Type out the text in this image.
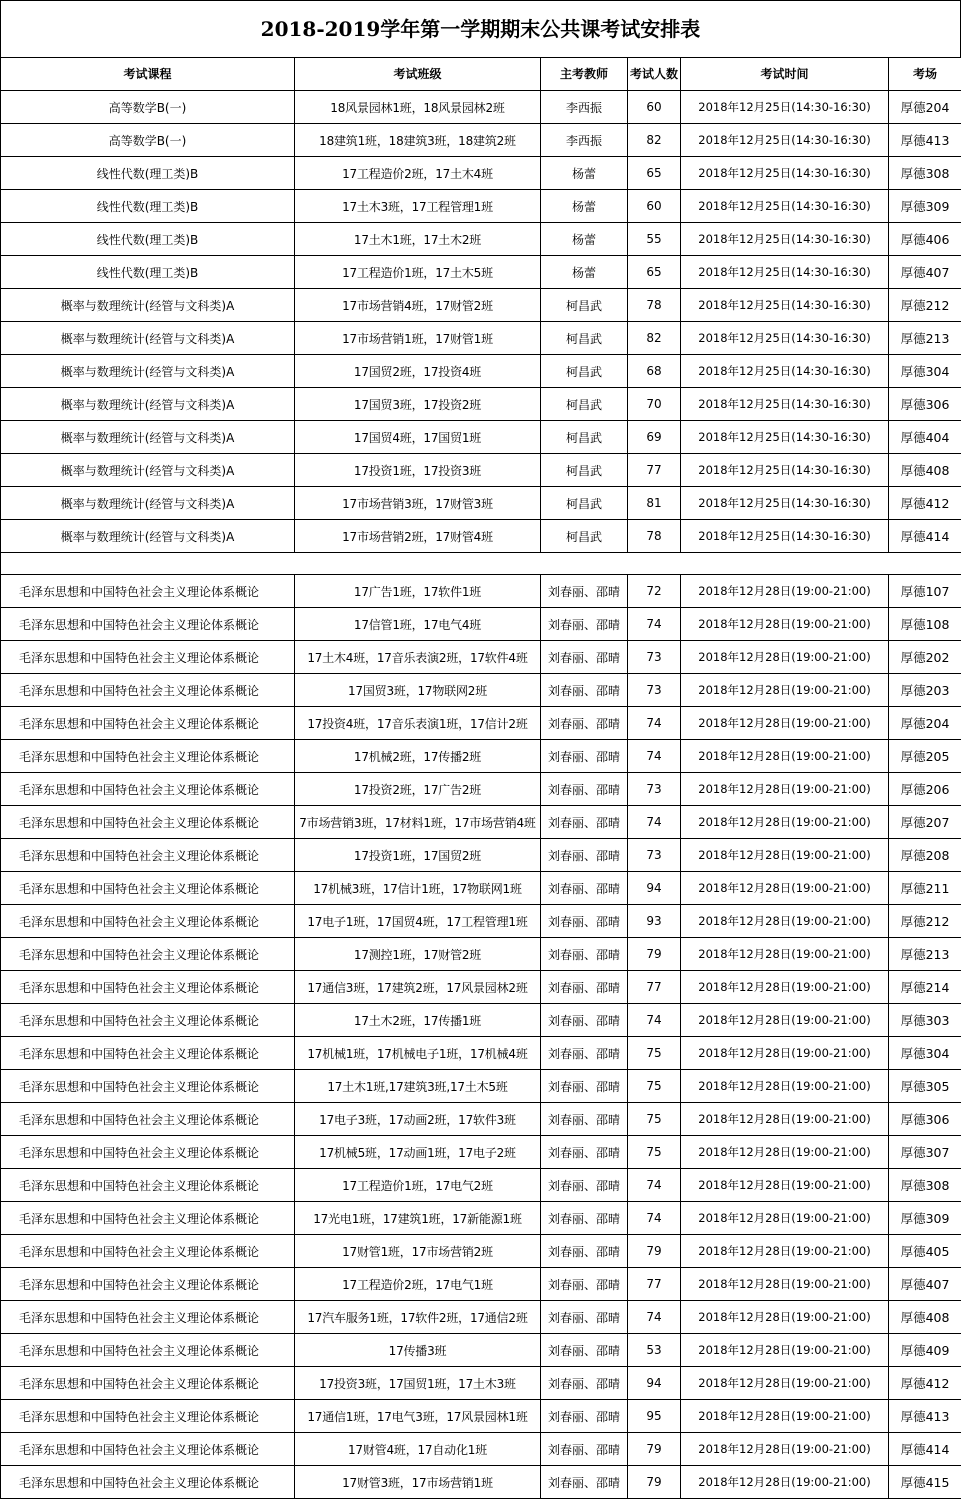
2018-2019学年第一学期期末公共课考试安排表
考试课程	考试班级	主考教师	考试人数	考试时间	考场
高等数学B(一)	18风景园林1班，18风景园林2班	李西振	60	2018年12月25日(14:30-16:30)	厚德204
高等数学B(一)	18建筑1班，18建筑3班，18建筑2班	李西振	82	2018年12月25日(14:30-16:30)	厚德413
线性代数(理工类)B	17工程造价2班，17土木4班	杨蕾	65	2018年12月25日(14:30-16:30)	厚德308
线性代数(理工类)B	17土木3班，17工程管理1班	杨蕾	60	2018年12月25日(14:30-16:30)	厚德309
线性代数(理工类)B	17土木1班，17土木2班	杨蕾	55	2018年12月25日(14:30-16:30)	厚德406
线性代数(理工类)B	17工程造价1班，17土木5班	杨蕾	65	2018年12月25日(14:30-16:30)	厚德407
概率与数理统计(经管与文科类)A	17市场营销4班，17财管2班	柯昌武	78	2018年12月25日(14:30-16:30)	厚德212
概率与数理统计(经管与文科类)A	17市场营销1班，17财管1班	柯昌武	82	2018年12月25日(14:30-16:30)	厚德213
概率与数理统计(经管与文科类)A	17国贸2班，17投资4班	柯昌武	68	2018年12月25日(14:30-16:30)	厚德304
概率与数理统计(经管与文科类)A	17国贸3班，17投资2班	柯昌武	70	2018年12月25日(14:30-16:30)	厚德306
概率与数理统计(经管与文科类)A	17国贸4班，17国贸1班	柯昌武	69	2018年12月25日(14:30-16:30)	厚德404
概率与数理统计(经管与文科类)A	17投资1班，17投资3班	柯昌武	77	2018年12月25日(14:30-16:30)	厚德408
概率与数理统计(经管与文科类)A	17市场营销3班，17财管3班	柯昌武	81	2018年12月25日(14:30-16:30)	厚德412
概率与数理统计(经管与文科类)A	17市场营销2班，17财管4班	柯昌武	78	2018年12月25日(14:30-16:30)	厚德414

毛泽东思想和中国特色社会主义理论体系概论	17广告1班，17软件1班	刘春丽、邵晴	72	2018年12月28日(19:00-21:00)	厚德107
毛泽东思想和中国特色社会主义理论体系概论	17信管1班，17电气4班	刘春丽、邵晴	74	2018年12月28日(19:00-21:00)	厚德108
毛泽东思想和中国特色社会主义理论体系概论	17土木4班，17音乐表演2班，17软件4班	刘春丽、邵晴	73	2018年12月28日(19:00-21:00)	厚德202
毛泽东思想和中国特色社会主义理论体系概论	17国贸3班，17物联网2班	刘春丽、邵晴	73	2018年12月28日(19:00-21:00)	厚德203
毛泽东思想和中国特色社会主义理论体系概论	17投资4班，17音乐表演1班，17信计2班	刘春丽、邵晴	74	2018年12月28日(19:00-21:00)	厚德204
毛泽东思想和中国特色社会主义理论体系概论	17机械2班，17传播2班	刘春丽、邵晴	74	2018年12月28日(19:00-21:00)	厚德205
毛泽东思想和中国特色社会主义理论体系概论	17投资2班，17广告2班	刘春丽、邵晴	73	2018年12月28日(19:00-21:00)	厚德206
毛泽东思想和中国特色社会主义理论体系概论	7市场营销3班，17材料1班，17市场营销4班	刘春丽、邵晴	74	2018年12月28日(19:00-21:00)	厚德207
毛泽东思想和中国特色社会主义理论体系概论	17投资1班，17国贸2班	刘春丽、邵晴	73	2018年12月28日(19:00-21:00)	厚德208
毛泽东思想和中国特色社会主义理论体系概论	17机械3班，17信计1班，17物联网1班	刘春丽、邵晴	94	2018年12月28日(19:00-21:00)	厚德211
毛泽东思想和中国特色社会主义理论体系概论	17电子1班，17国贸4班，17工程管理1班	刘春丽、邵晴	93	2018年12月28日(19:00-21:00)	厚德212
毛泽东思想和中国特色社会主义理论体系概论	17测控1班，17财管2班	刘春丽、邵晴	79	2018年12月28日(19:00-21:00)	厚德213
毛泽东思想和中国特色社会主义理论体系概论	17通信3班，17建筑2班，17风景园林2班	刘春丽、邵晴	77	2018年12月28日(19:00-21:00)	厚德214
毛泽东思想和中国特色社会主义理论体系概论	17土木2班，17传播1班	刘春丽、邵晴	74	2018年12月28日(19:00-21:00)	厚德303
毛泽东思想和中国特色社会主义理论体系概论	17机械1班，17机械电子1班，17机械4班	刘春丽、邵晴	75	2018年12月28日(19:00-21:00)	厚德304
毛泽东思想和中国特色社会主义理论体系概论	17土木1班,17建筑3班,17土木5班	刘春丽、邵晴	75	2018年12月28日(19:00-21:00)	厚德305
毛泽东思想和中国特色社会主义理论体系概论	17电子3班，17动画2班，17软件3班	刘春丽、邵晴	75	2018年12月28日(19:00-21:00)	厚德306
毛泽东思想和中国特色社会主义理论体系概论	17机械5班，17动画1班，17电子2班	刘春丽、邵晴	75	2018年12月28日(19:00-21:00)	厚德307
毛泽东思想和中国特色社会主义理论体系概论	17工程造价1班，17电气2班	刘春丽、邵晴	74	2018年12月28日(19:00-21:00)	厚德308
毛泽东思想和中国特色社会主义理论体系概论	17光电1班，17建筑1班，17新能源1班	刘春丽、邵晴	74	2018年12月28日(19:00-21:00)	厚德309
毛泽东思想和中国特色社会主义理论体系概论	17财管1班，17市场营销2班	刘春丽、邵晴	79	2018年12月28日(19:00-21:00)	厚德405
毛泽东思想和中国特色社会主义理论体系概论	17工程造价2班，17电气1班	刘春丽、邵晴	77	2018年12月28日(19:00-21:00)	厚德407
毛泽东思想和中国特色社会主义理论体系概论	17汽车服务1班，17软件2班，17通信2班	刘春丽、邵晴	74	2018年12月28日(19:00-21:00)	厚德408
毛泽东思想和中国特色社会主义理论体系概论	17传播3班	刘春丽、邵晴	53	2018年12月28日(19:00-21:00)	厚德409
毛泽东思想和中国特色社会主义理论体系概论	17投资3班，17国贸1班，17土木3班	刘春丽、邵晴	94	2018年12月28日(19:00-21:00)	厚德412
毛泽东思想和中国特色社会主义理论体系概论	17通信1班，17电气3班，17风景园林1班	刘春丽、邵晴	95	2018年12月28日(19:00-21:00)	厚德413
毛泽东思想和中国特色社会主义理论体系概论	17财管4班，17自动化1班	刘春丽、邵晴	79	2018年12月28日(19:00-21:00)	厚德414
毛泽东思想和中国特色社会主义理论体系概论	17财管3班，17市场营销1班	刘春丽、邵晴	79	2018年12月28日(19:00-21:00)	厚德415
